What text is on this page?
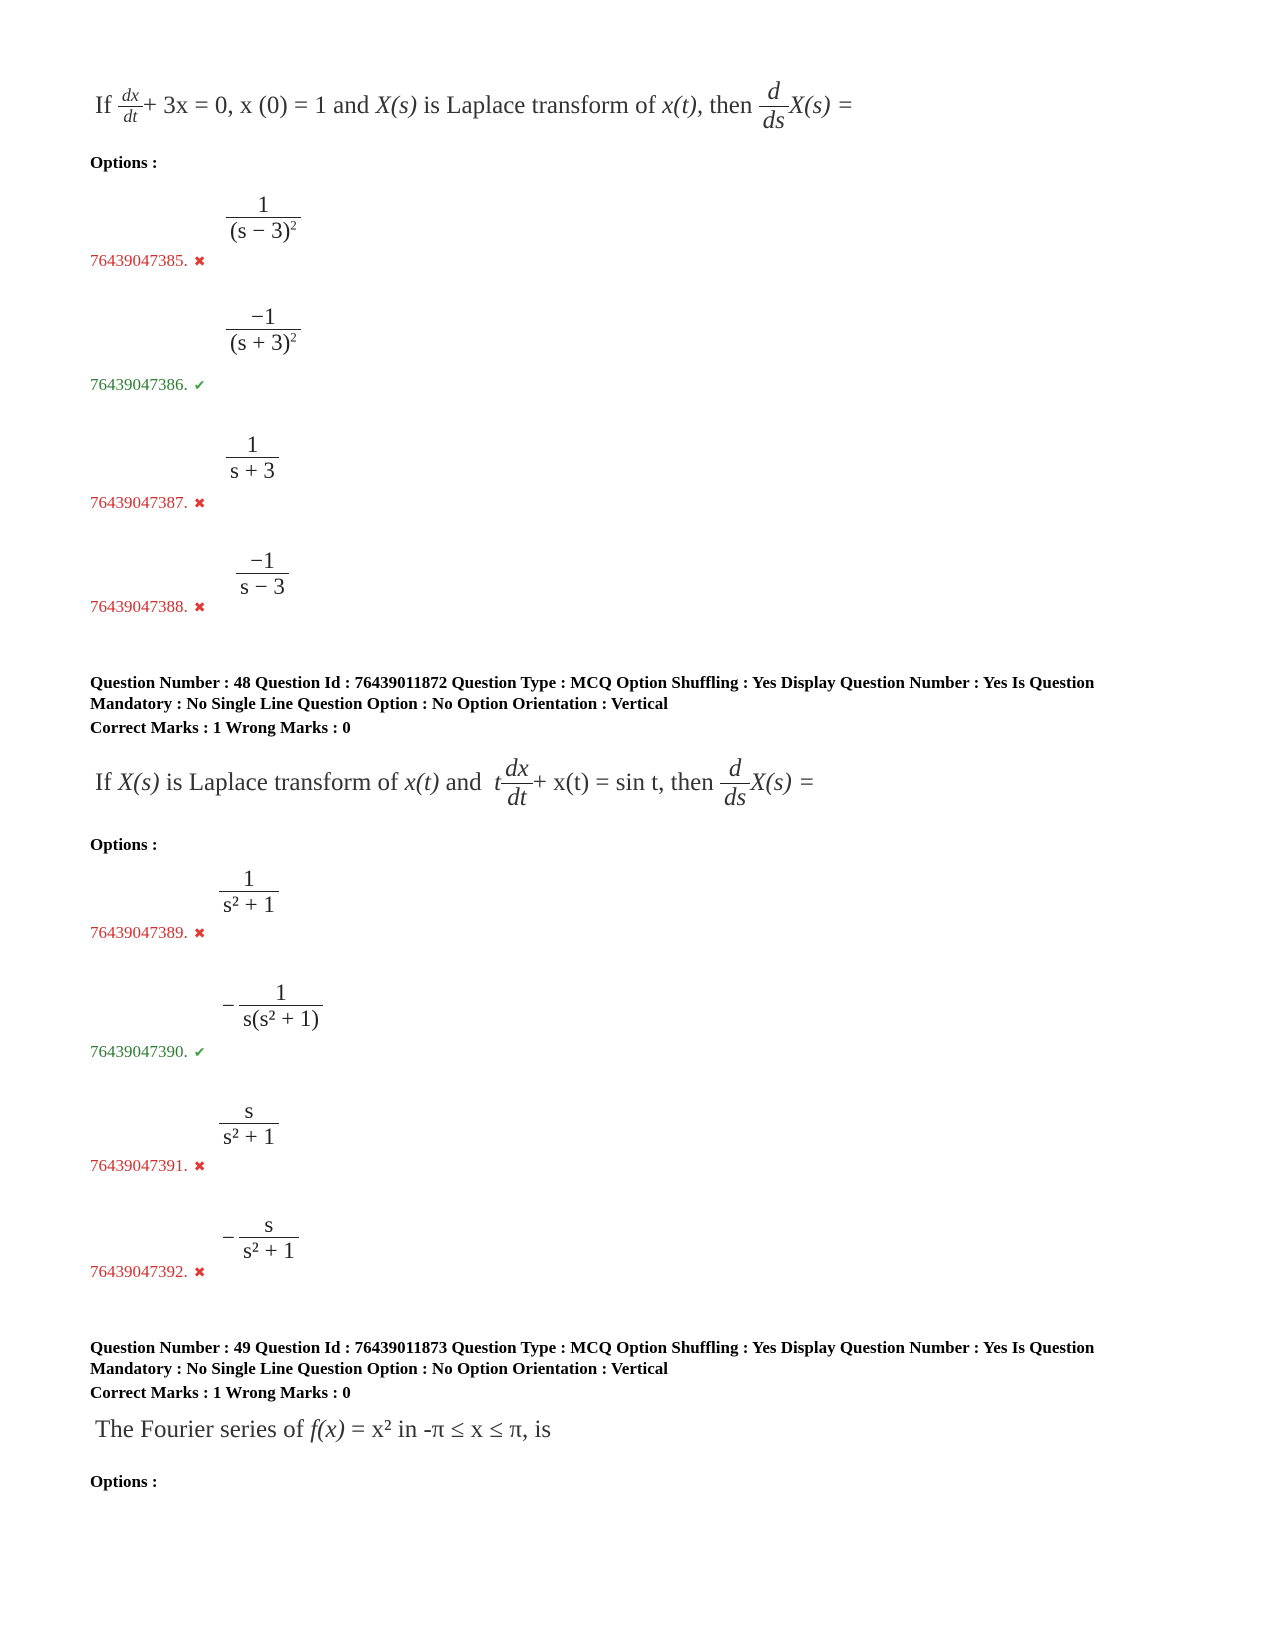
If
$\frac{dx}{dt} + 3x = 0$, x (0) = 1 and
X(s)
is Laplace transform of
x(t),
then
$\frac{d}{ds} X(s)$ =
Options :
$\frac{1}{(s - 3)^2}$
76439047385. ✖
$\frac{-1}{(s + 3)^2}$
76439047386. ✔
$\frac{1}{s + 3}$
76439047387. ✖
$\frac{-1}{s - 3}$
76439047388. ✖
Question Number : 48 Question Id : 76439011872 Question Type : MCQ Option Shuffling : Yes Display Question Number : Yes Is Question
Mandatory : No Single Line Question Option : No Option Orientation : Vertical
Correct Marks : 1 Wrong Marks : 0
If
X(s)
is Laplace transform of
x(t)
and
t $\frac{dx}{dt} + x(t) = \sin t$, then
$\frac{d}{ds} X(s)$ =
Options :
$\frac{1}{\text{s² + 1}}$
76439047389. ✖
− $\frac{1}{\text{s(s² + 1)}}$
76439047390. ✔
$\frac{s}{\text{s² + 1}}$
76439047391. ✖
− $\frac{s}{\text{s² + 1}}$
76439047392. ✖
Question Number : 49 Question Id : 76439011873 Question Type : MCQ Option Shuffling : Yes Display Question Number : Yes Is Question
Mandatory : No Single Line Question Option : No Option Orientation : Vertical
Correct Marks : 1 Wrong Marks : 0
The Fourier series of f(x) = x² in -π ≤ x ≤ π, is
Options :
